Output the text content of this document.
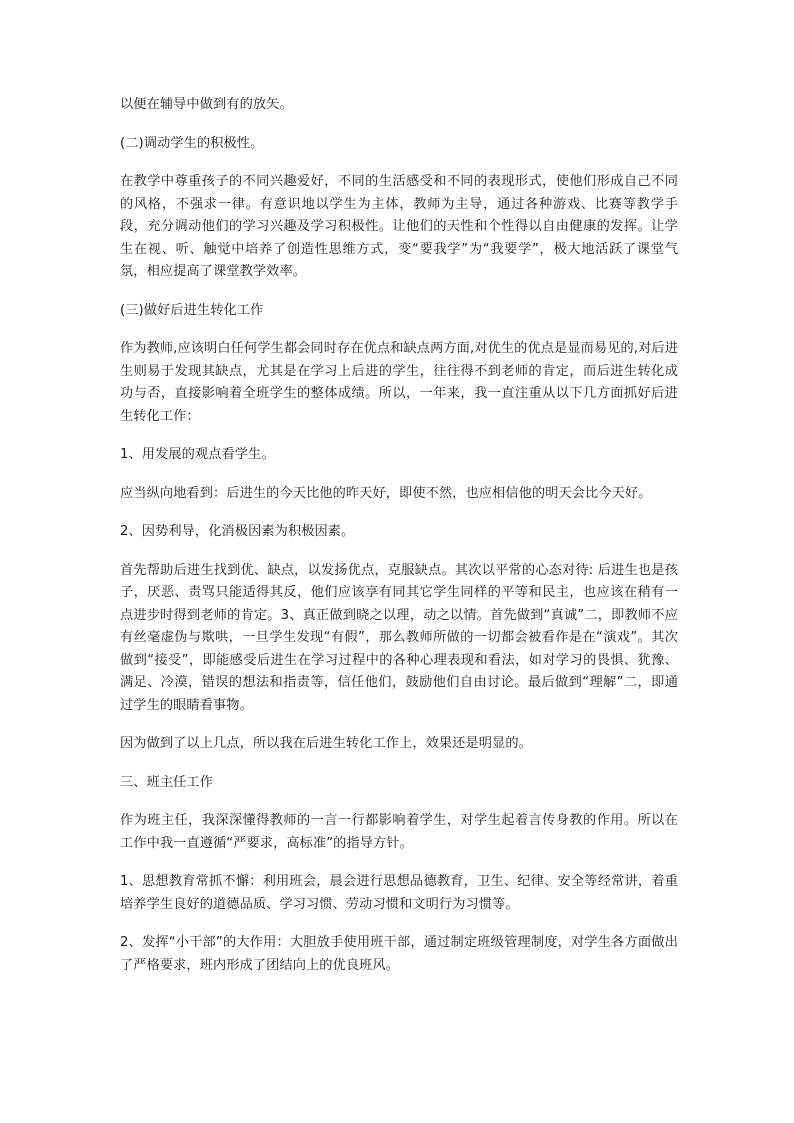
以便在辅导中做到有的放矢。

(二)调动学生的积极性。

在教学中尊重孩子的不同兴趣爱好，不同的生活感受和不同的表现形式，使他们形成自己不同的风格，不强求一律。有意识地以学生为主体，教师为主导，通过各种游戏、比赛等教学手段，充分调动他们的学习兴趣及学习积极性。让他们的天性和个性得以自由健康的发挥。让学生在视、听、触觉中培养了创造性思维方式，变“要我学”为“我要学”，极大地活跃了课堂气氛，相应提高了课堂教学效率。

(三)做好后进生转化工作

作为教师,应该明白任何学生都会同时存在优点和缺点两方面,对优生的优点是显而易见的,对后进生则易于发现其缺点，尤其是在学习上后进的学生，往往得不到老师的肯定，而后进生转化成功与否，直接影响着全班学生的整体成绩。所以，一年来，我一直注重从以下几方面抓好后进生转化工作：

1、用发展的观点看学生。

应当纵向地看到：后进生的今天比他的昨天好，即使不然，也应相信他的明天会比今天好。

2、因势利导，化消极因素为积极因素。

首先帮助后进生找到优、缺点，以发扬优点，克服缺点。其次以平常的心态对待: 后进生也是孩子，厌恶、责骂只能适得其反，他们应该享有同其它学生同样的平等和民主，也应该在稍有一点进步时得到老师的肯定。3、真正做到晓之以理，动之以情。首先做到“真诚”二，即教师不应有丝毫虚伪与欺哄，一旦学生发现“有假”，那么教师所做的一切都会被看作是在“演戏”。其次做到“接受”，即能感受后进生在学习过程中的各种心理表现和看法，如对学习的畏惧、犹豫、满足、冷漠，错误的想法和指责等，信任他们，鼓励他们自由讨论。最后做到“理解”二，即通过学生的眼睛看事物。

因为做到了以上几点，所以我在后进生转化工作上，效果还是明显的。

三、班主任工作

作为班主任，我深深懂得教师的一言一行都影响着学生，对学生起着言传身教的作用。所以在工作中我一直遵循“严要求，高标准”的指导方针。

1、思想教育常抓不懈：利用班会，晨会进行思想品德教育，卫生、纪律、安全等经常讲，着重培养学生良好的道德品质、学习习惯、劳动习惯和文明行为习惯等。

2、发挥“小干部”的大作用：大胆放手使用班干部，通过制定班级管理制度，对学生各方面做出了严格要求，班内形成了团结向上的优良班风。
